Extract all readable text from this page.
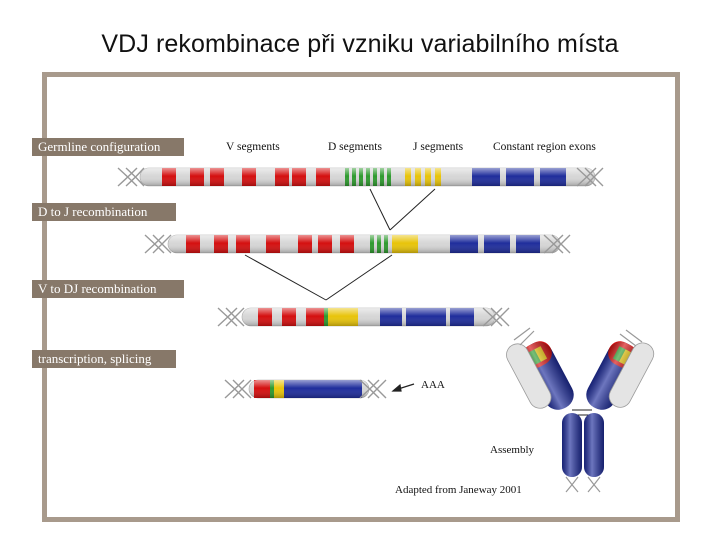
VDJ rekombinace při vzniku variabilního místa
Germline configuration
D to J recombination
V to DJ recombination
transcription, splicing
V segments	D segments	J segments	Constant region exons
AAA
Assembly
Adapted from Janeway 2001
